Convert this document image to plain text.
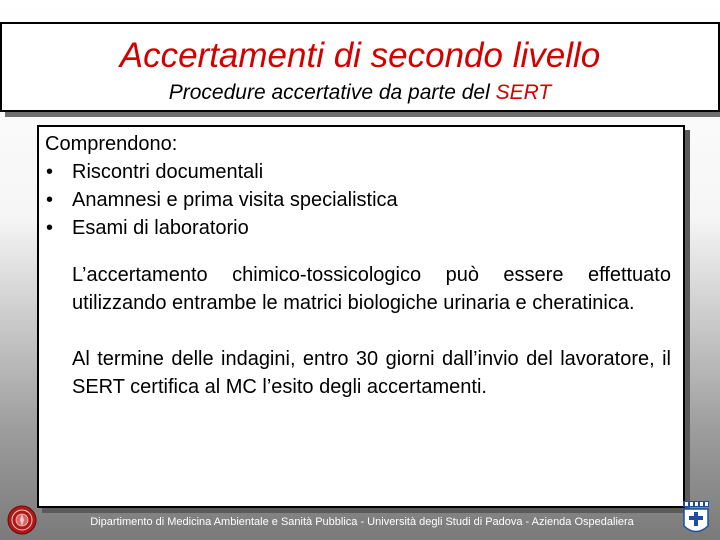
Accertamenti di secondo livello
Procedure accertative da parte del SERT
Comprendono:
• Riscontri documentali
• Anamnesi e prima visita specialistica
• Esami di laboratorio

L’accertamento chimico-tossicologico può essere effettuato utilizzando entrambe le matrici biologiche urinaria e cheratinica.

Al termine delle indagini, entro 30 giorni dall’invio del lavoratore, il SERT certifica al MC l’esito degli accertamenti.

Dipartimento di Medicina Ambientale e Sanità Pubblica - Università degli Studi di Padova - Azienda Ospedaliera
